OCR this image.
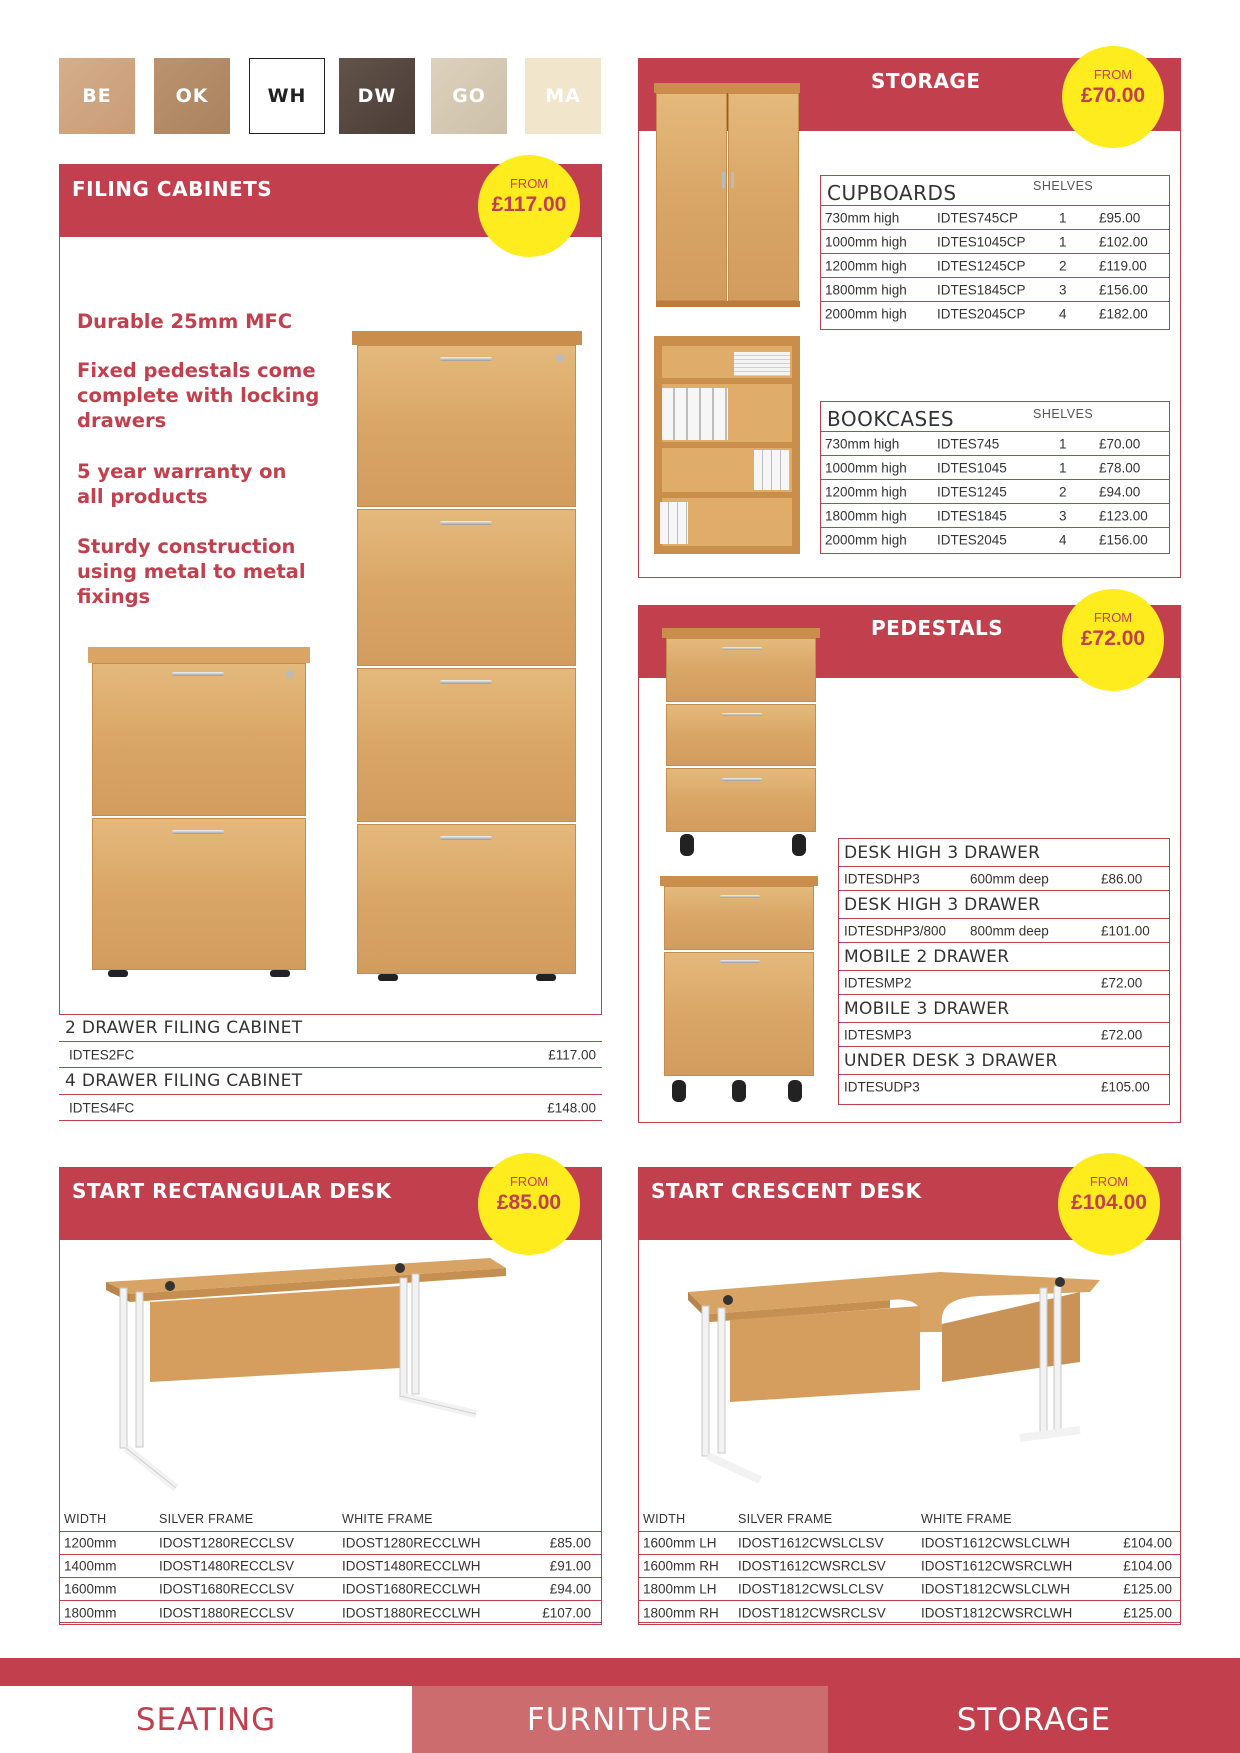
BE	OK	WH	DW	GO	MA
FILING CABINETS	FROM
£117.00
Durable 25mm MFC
Fixed pedestals come complete with locking drawers
5 year warranty on all products
Sturdy construction using metal to metal fixings
2 DRAWER FILING CABINET
IDTES2FC	£117.00
4 DRAWER FILING CABINET
IDTES4FC	£148.00
STORAGE	FROM
£70.00
CUPBOARDS	SHELVES
730mm high	IDTES745CP	1 £95.00
1000mm high IDTES1045CP 1 £102.00
1200mm high IDTES1245CP 2 £119.00
1800mm high IDTES1845CP 3 £156.00
2000mm high IDTES2045CP 4 £182.00
BOOKCASES	SHELVES
730mm high	IDTES745	1 £70.00
1000mm high IDTES1045	1 £78.00
1200mm high IDTES1245	2 £94.00
1800mm high IDTES1845	3 £123.00
2000mm high IDTES2045	4 £156.00
PEDESTALS	FROM
£72.00
DESK HIGH 3 DRAWER
IDTESDHP3	600mm deep	£86.00
DESK HIGH 3 DRAWER
IDTESDHP3/800 800mm deep	£101.00
MOBILE 2 DRAWER
IDTESMP2	£72.00
MOBILE 3 DRAWER
IDTESMP3	£72.00
UNDER DESK 3 DRAWER
IDTESUDP3	£105.00
START RECTANGULAR DESK	FROM
£85.00
WIDTH	SILVER FRAME	WHITE FRAME
1200mm	IDOST1280RECCLSV	IDOST1280RECCLWH	£85.00
1400mm	IDOST1480RECCLSV	IDOST1480RECCLWH	£91.00
1600mm	IDOST1680RECCLSV	IDOST1680RECCLWH	£94.00
1800mm	IDOST1880RECCLSV	IDOST1880RECCLWH	£107.00
START CRESCENT DESK	FROM
£104.00
WIDTH	SILVER FRAME	WHITE FRAME
1600mm LH IDOST1612CWSLCLSV	IDOST1612CWSLCLWH	£104.00
1600mm RH IDOST1612CWSRCLSV	IDOST1612CWSRCLWH	£104.00
1800mm LH IDOST1812CWSLCLSV	IDOST1812CWSLCLWH	£125.00
1800mm RH IDOST1812CWSRCLSV	IDOST1812CWSRCLWH	£125.00
SEATING	FURNITURE	STORAGE
